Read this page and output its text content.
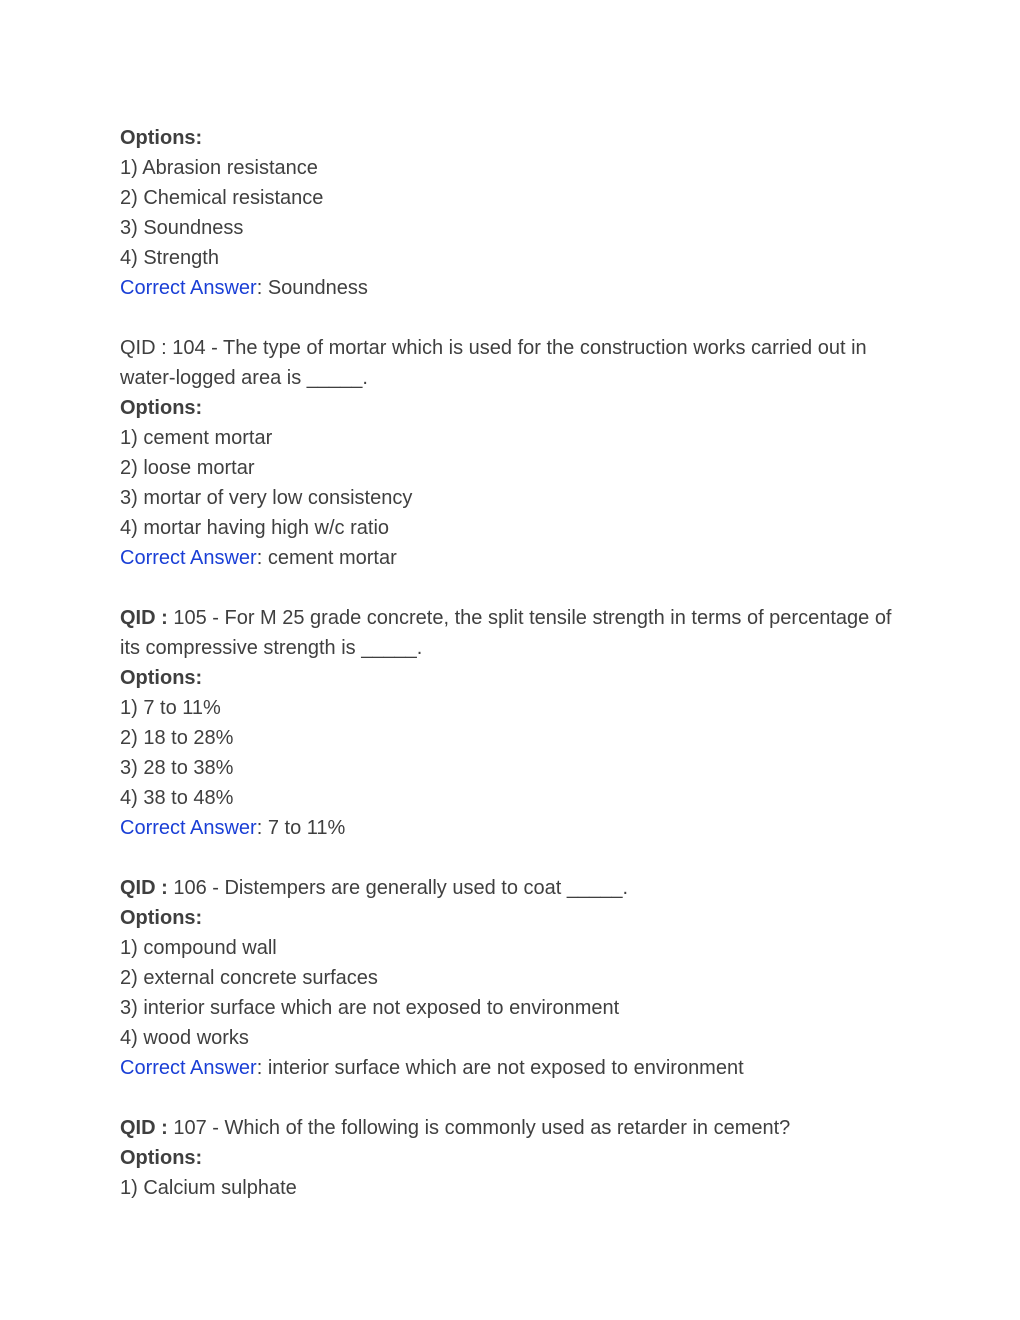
Options:
1) Abrasion resistance
2) Chemical resistance
3) Soundness
4) Strength
Correct Answer: Soundness
QID : 104 - The type of mortar which is used for the construction works carried out in water-logged area is _____.
Options:
1) cement mortar
2) loose mortar
3) mortar of very low consistency
4) mortar having high w/c ratio
Correct Answer: cement mortar
QID : 105 - For M 25 grade concrete, the split tensile strength in terms of percentage of its compressive strength is _____.
Options:
1) 7 to 11%
2) 18 to 28%
3) 28 to 38%
4) 38 to 48%
Correct Answer: 7 to 11%
QID : 106 - Distempers are generally used to coat _____.
Options:
1) compound wall
2) external concrete surfaces
3) interior surface which are not exposed to environment
4) wood works
Correct Answer: interior surface which are not exposed to environment
QID : 107 - Which of the following is commonly used as retarder in cement?
Options:
1) Calcium sulphate
